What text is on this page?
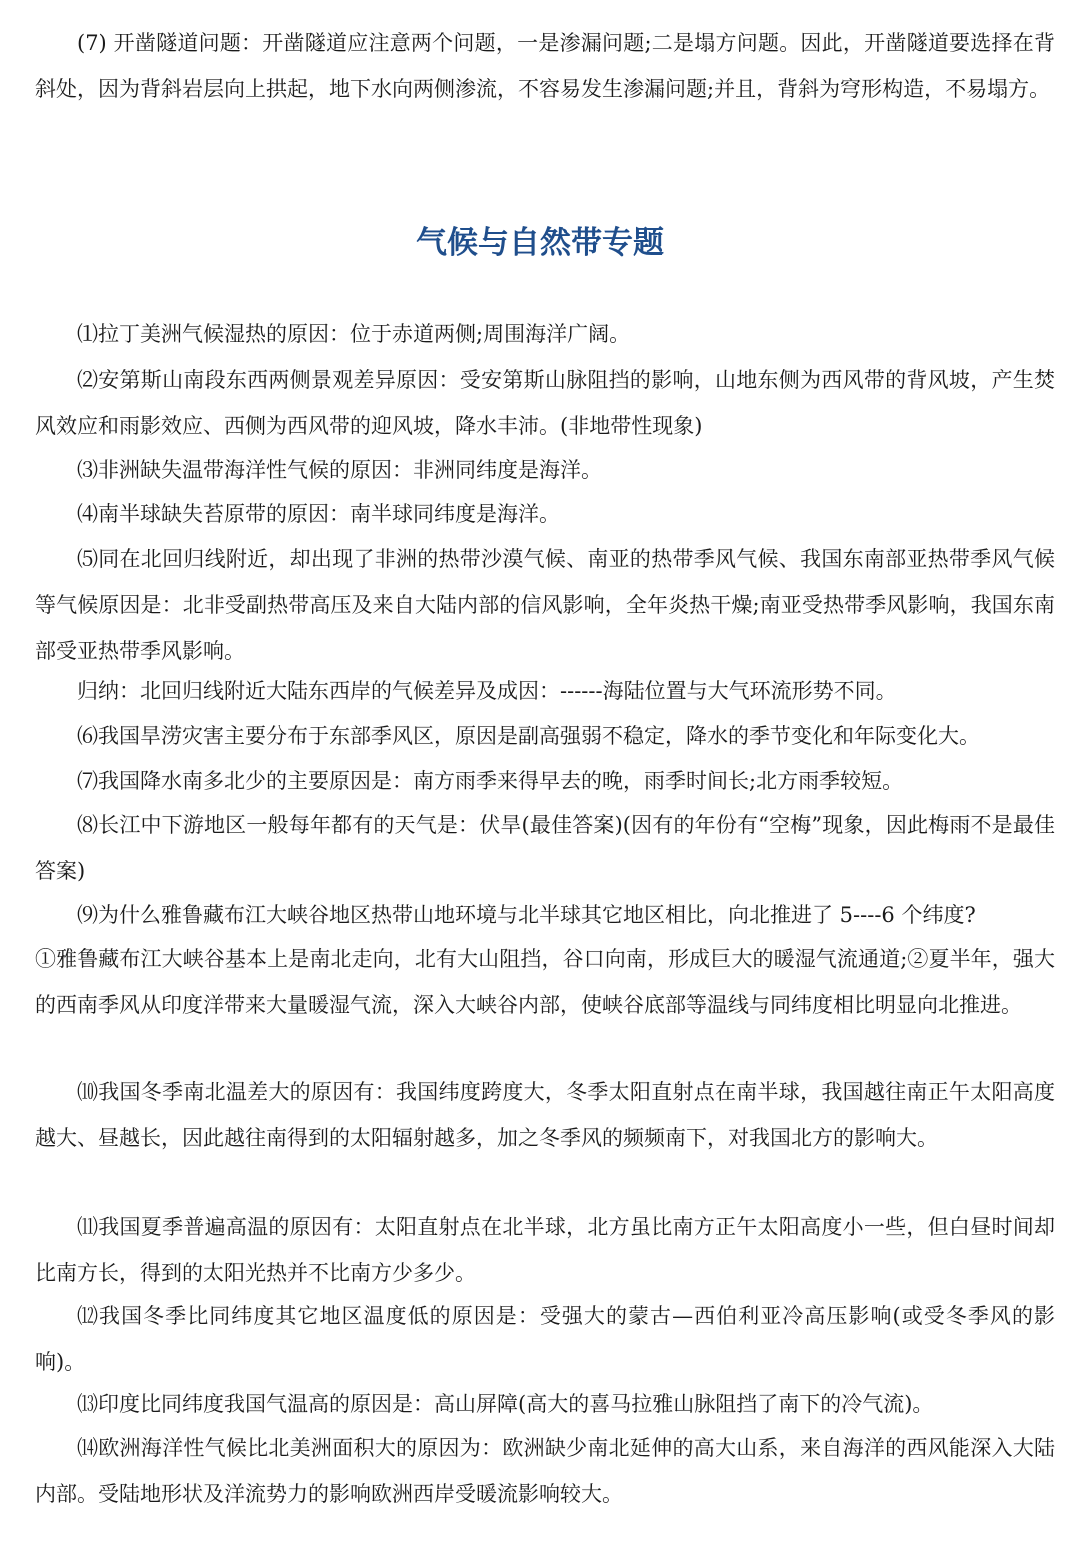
(7) 开凿隧道问题：开凿隧道应注意两个问题，一是渗漏问题;二是塌方问题。因此，开凿隧道要选择在背斜处，因为背斜岩层向上拱起，地下水向两侧渗流，不容易发生渗漏问题;并且，背斜为穹形构造，不易塌方。

气候与自然带专题

⑴拉丁美洲气候湿热的原因：位于赤道两侧;周围海洋广阔。

⑵安第斯山南段东西两侧景观差异原因：受安第斯山脉阻挡的影响，山地东侧为西风带的背风坡，产生焚风效应和雨影效应、西侧为西风带的迎风坡，降水丰沛。(非地带性现象)

⑶非洲缺失温带海洋性气候的原因：非洲同纬度是海洋。

⑷南半球缺失苔原带的原因：南半球同纬度是海洋。

⑸同在北回归线附近，却出现了非洲的热带沙漠气候、南亚的热带季风气候、我国东南部亚热带季风气候等气候原因是：北非受副热带高压及来自大陆内部的信风影响，全年炎热干燥;南亚受热带季风影响，我国东南部受亚热带季风影响。

归纳：北回归线附近大陆东西岸的气候差异及成因：------海陆位置与大气环流形势不同。

⑹我国旱涝灾害主要分布于东部季风区，原因是副高强弱不稳定，降水的季节变化和年际变化大。

⑺我国降水南多北少的主要原因是：南方雨季来得早去的晚，雨季时间长;北方雨季较短。

⑻长江中下游地区一般每年都有的天气是：伏旱(最佳答案)(因有的年份有“空梅”现象，因此梅雨不是最佳答案)

⑼为什么雅鲁藏布江大峡谷地区热带山地环境与北半球其它地区相比，向北推进了 5----6 个纬度?

①雅鲁藏布江大峡谷基本上是南北走向，北有大山阻挡，谷口向南，形成巨大的暖湿气流通道;②夏半年，强大的西南季风从印度洋带来大量暖湿气流，深入大峡谷内部，使峡谷底部等温线与同纬度相比明显向北推进。

⑽我国冬季南北温差大的原因有：我国纬度跨度大，冬季太阳直射点在南半球，我国越往南正午太阳高度越大、昼越长，因此越往南得到的太阳辐射越多，加之冬季风的频频南下，对我国北方的影响大。

⑾我国夏季普遍高温的原因有：太阳直射点在北半球，北方虽比南方正午太阳高度小一些，但白昼时间却比南方长，得到的太阳光热并不比南方少多少。

⑿我国冬季比同纬度其它地区温度低的原因是：受强大的蒙古—西伯利亚冷高压影响(或受冬季风的影响)。

⒀印度比同纬度我国气温高的原因是：高山屏障(高大的喜马拉雅山脉阻挡了南下的冷气流)。

⒁欧洲海洋性气候比北美洲面积大的原因为：欧洲缺少南北延伸的高大山系，来自海洋的西风能深入大陆内部。受陆地形状及洋流势力的影响欧洲西岸受暖流影响较大。
